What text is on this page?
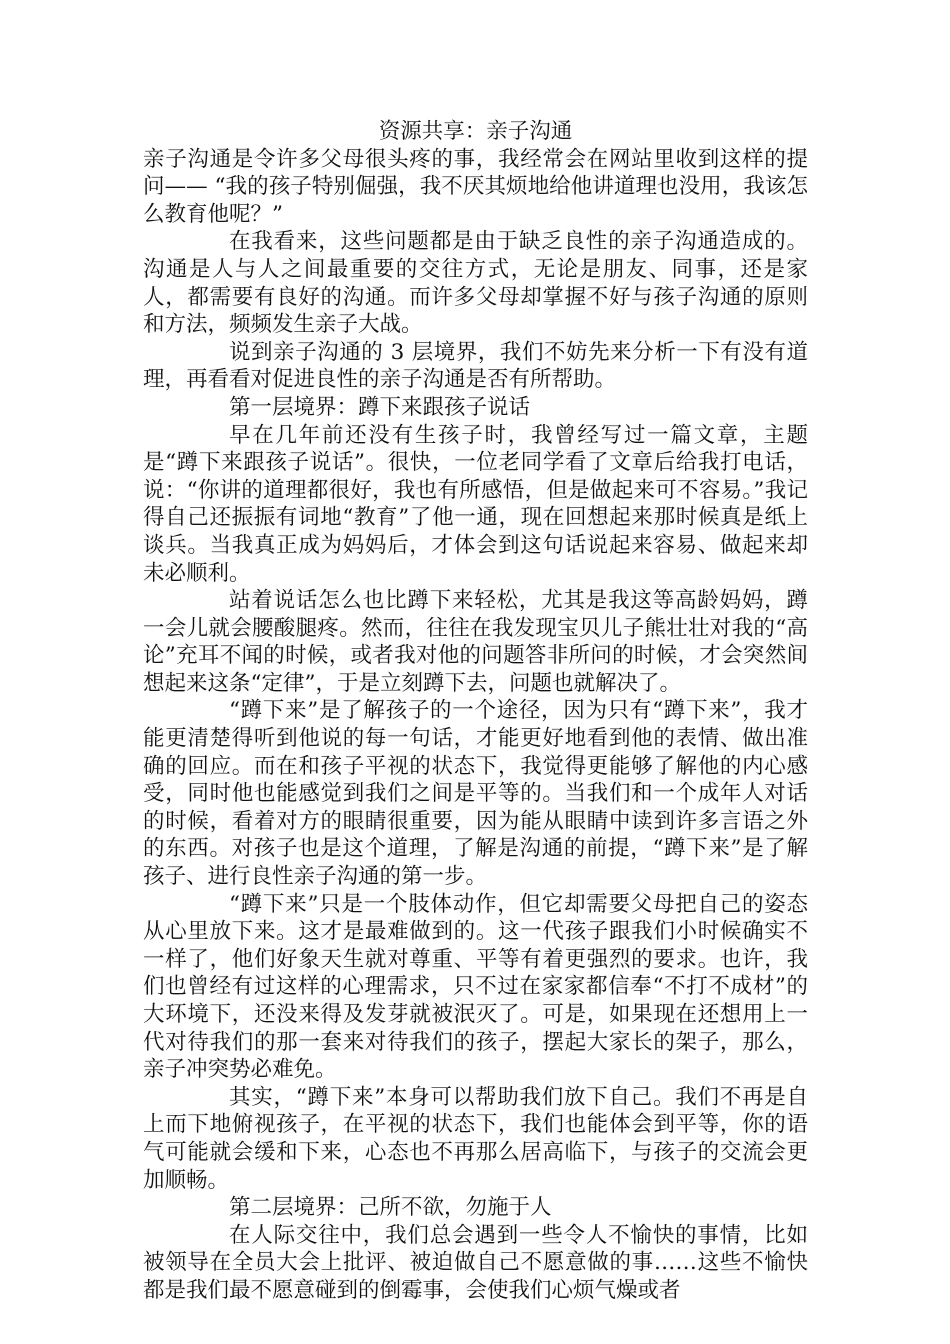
资源共享：亲子沟通

亲子沟通是令许多父母很头疼的事，我经常会在网站里收到这样的提问—— “我的孩子特别倔强，我不厌其烦地给他讲道理也没用，我该怎么教育他呢？”

在我看来，这些问题都是由于缺乏良性的亲子沟通造成的。沟通是人与人之间最重要的交往方式，无论是朋友、同事，还是家人，都需要有良好的沟通。而许多父母却掌握不好与孩子沟通的原则和方法，频频发生亲子大战。

说到亲子沟通的 3 层境界，我们不妨先来分析一下有没有道理，再看看对促进良性的亲子沟通是否有所帮助。

第一层境界：蹲下来跟孩子说话

早在几年前还没有生孩子时，我曾经写过一篇文章，主题是“蹲下来跟孩子说话”。很快，一位老同学看了文章后给我打电话，说：“你讲的道理都很好，我也有所感悟，但是做起来可不容易。”我记得自己还振振有词地“教育”了他一通，现在回想起来那时候真是纸上谈兵。当我真正成为妈妈后，才体会到这句话说起来容易、做起来却未必顺利。

站着说话怎么也比蹲下来轻松，尤其是我这等高龄妈妈，蹲一会儿就会腰酸腿疼。然而，往往在我发现宝贝儿子熊壮壮对我的“高论”充耳不闻的时候，或者我对他的问题答非所问的时候，才会突然间想起来这条“定律”，于是立刻蹲下去，问题也就解决了。

“蹲下来”是了解孩子的一个途径，因为只有“蹲下来”，我才能更清楚得听到他说的每一句话，才能更好地看到他的表情、做出准确的回应。而在和孩子平视的状态下，我觉得更能够了解他的内心感受，同时他也能感觉到我们之间是平等的。当我们和一个成年人对话的时候，看着对方的眼睛很重要，因为能从眼睛中读到许多言语之外的东西。对孩子也是这个道理，了解是沟通的前提，“蹲下来”是了解孩子、进行良性亲子沟通的第一步。

“蹲下来”只是一个肢体动作，但它却需要父母把自己的姿态从心里放下来。这才是最难做到的。这一代孩子跟我们小时候确实不一样了，他们好象天生就对尊重、平等有着更强烈的要求。也许，我们也曾经有过这样的心理需求，只不过在家家都信奉“不打不成材”的大环境下，还没来得及发芽就被泯灭了。可是，如果现在还想用上一代对待我们的那一套来对待我们的孩子，摆起大家长的架子，那么，亲子冲突势必难免。

其实，“蹲下来”本身可以帮助我们放下自己。我们不再是自上而下地俯视孩子，在平视的状态下，我们也能体会到平等，你的语气可能就会缓和下来，心态也不再那么居高临下，与孩子的交流会更加顺畅。

第二层境界：己所不欲，勿施于人

在人际交往中，我们总会遇到一些令人不愉快的事情，比如被领导在全员大会上批评、被迫做自己不愿意做的事……这些不愉快都是我们最不愿意碰到的倒霉事，会使我们心烦气燥或者
